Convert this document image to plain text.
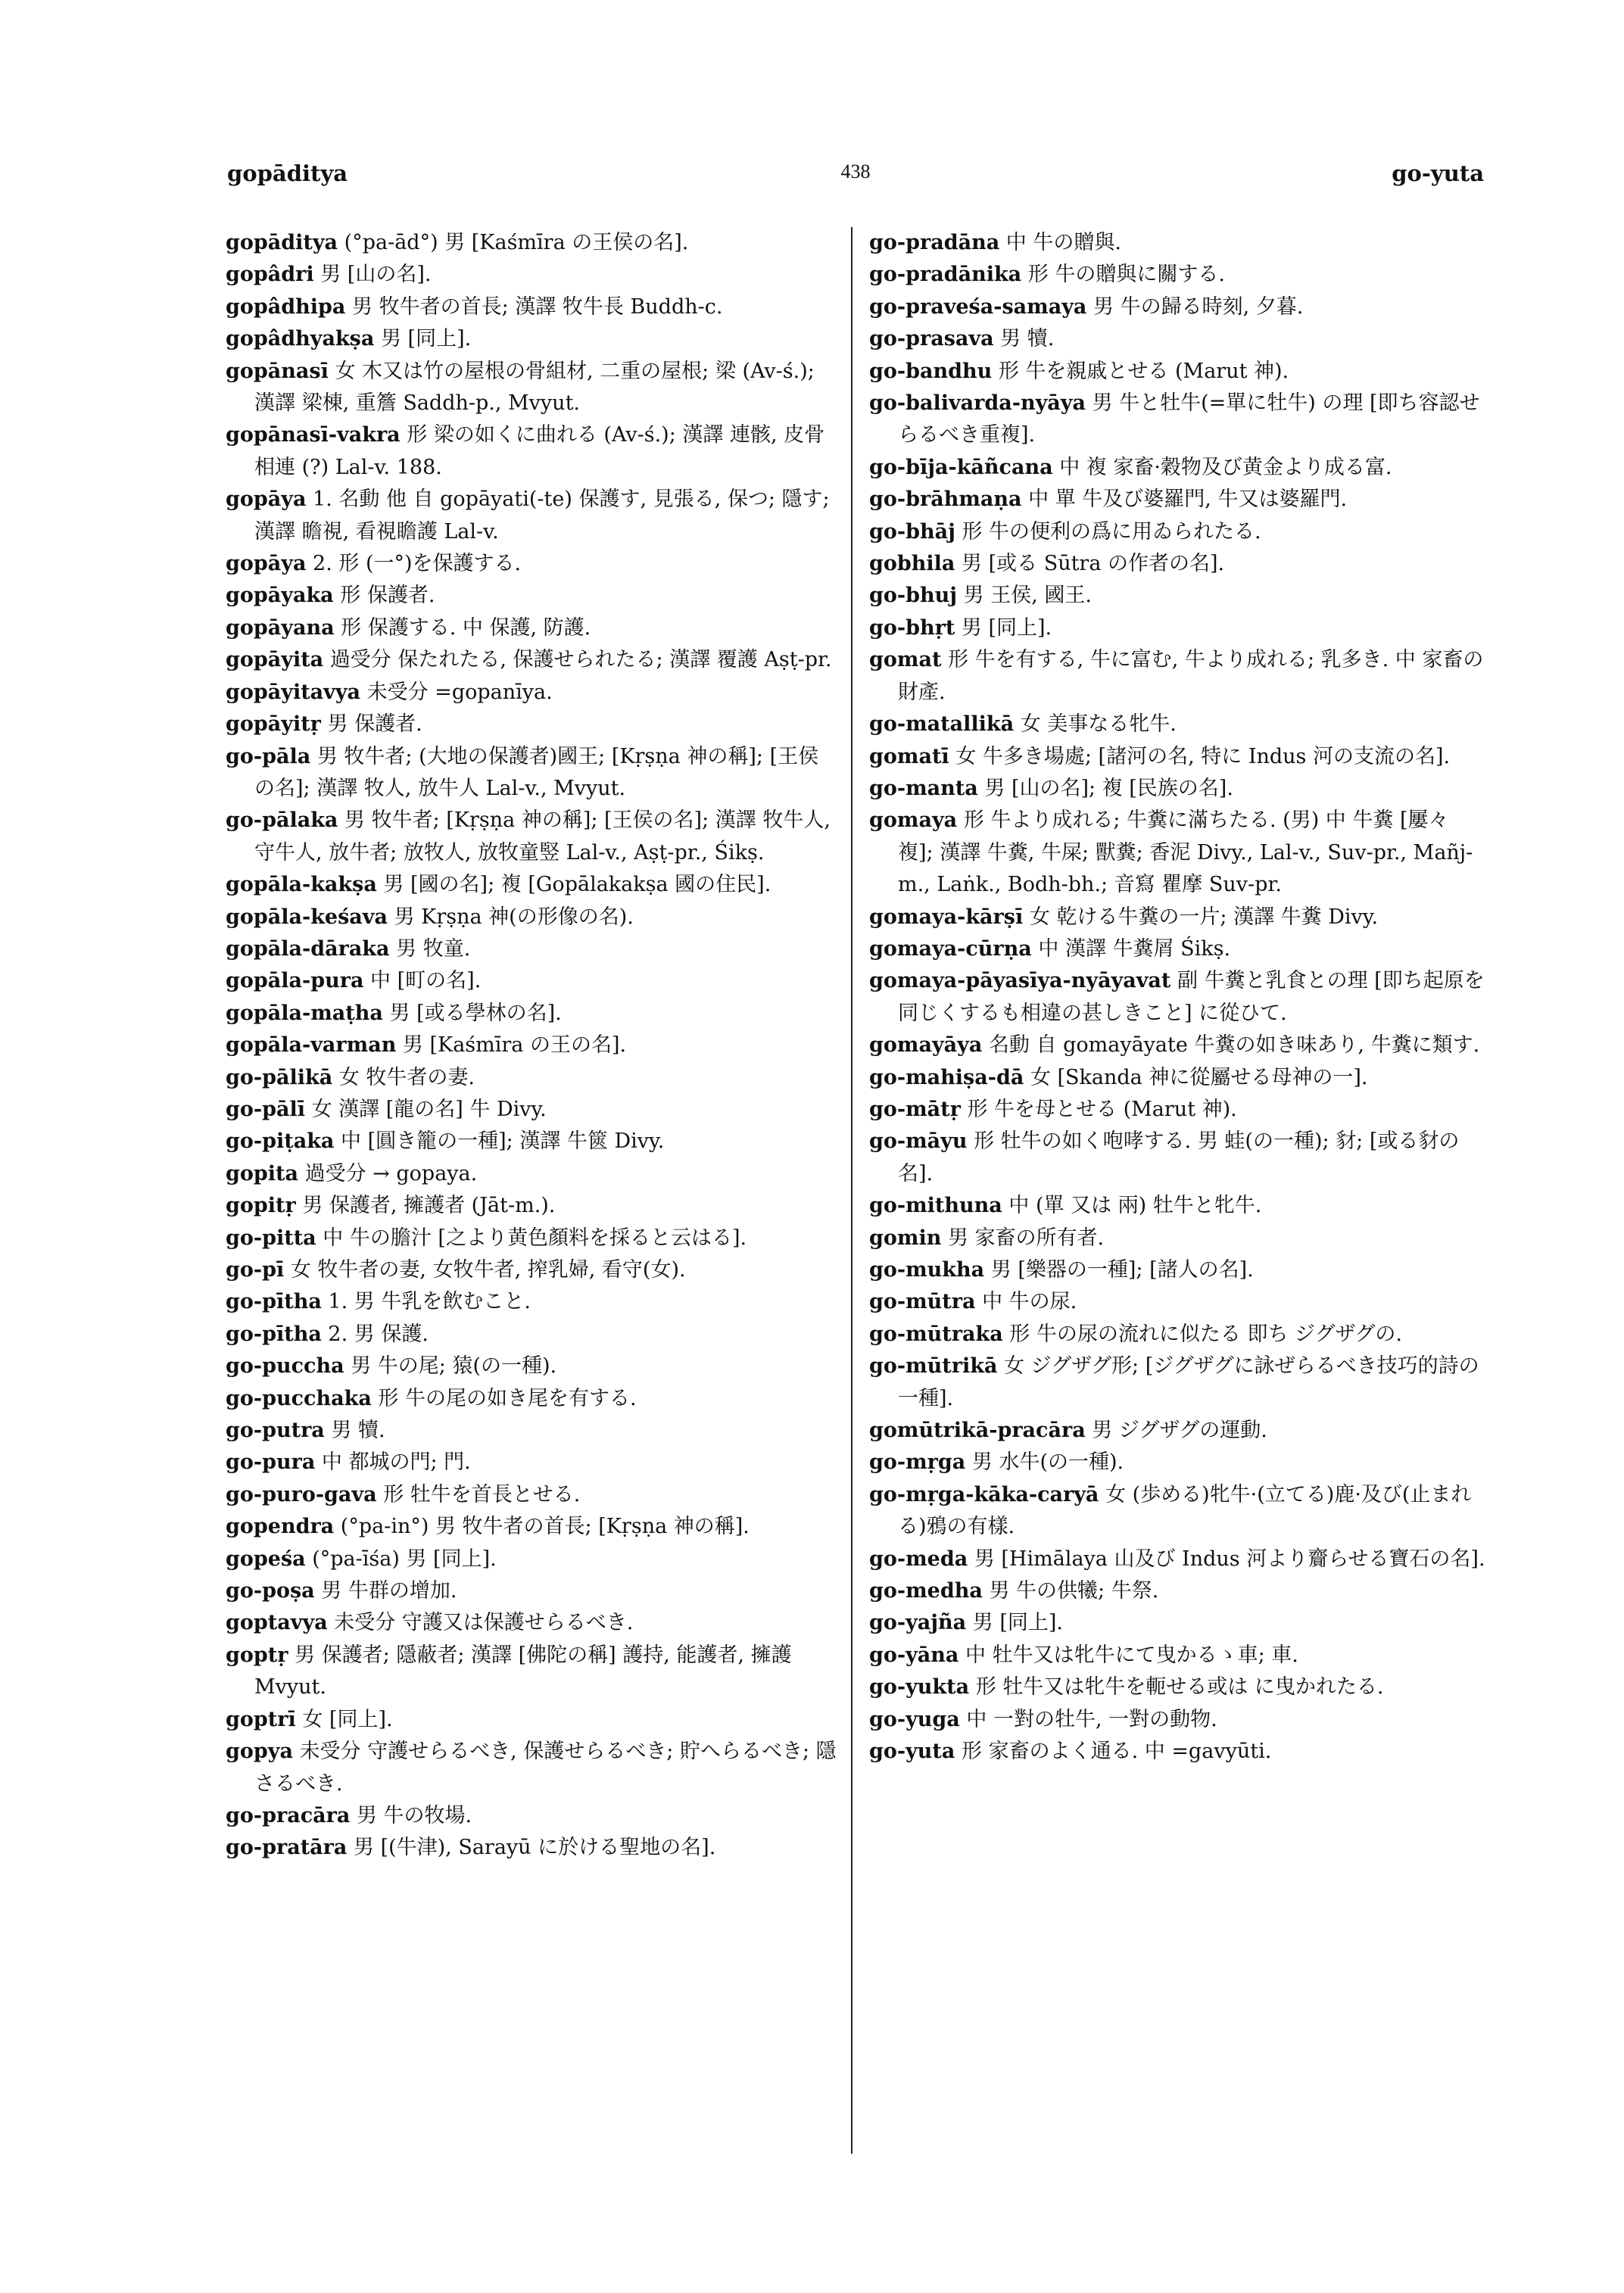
gopāditya	438	go-yuta
gopāditya (°pa-ād°) 男 [Kaśmīra の王侯の名].
gopâdri 男 [山の名].
gopâdhipa 男 牧牛者の首長; 漢譯 牧牛長 Buddh-c.
gopâdhyakṣa 男 [同上].
gopānasī 女 木又は竹の屋根の骨組材, 二重の屋根; 梁 (Av-ś.); 漢譯 梁棟, 重簷 Saddh-p., Mvyut.
gopānasī-vakra 形 梁の如くに曲れる (Av-ś.); 漢譯 連骸, 皮骨相連 (?) Lal-v. 188.
gopāya 1. 名動 他 自 gopāyati(-te) 保護す, 見張る, 保つ; 隱す; 漢譯 瞻視, 看視瞻護 Lal-v.
gopāya 2. 形 (一°)を保護する.
gopāyaka 形 保護者.
gopāyana 形 保護する. 中 保護, 防護.
gopāyita 過受分 保たれたる, 保護せられたる; 漢譯 覆護 Aṣṭ-pr.
gopāyitavya 未受分 =gopanīya.
gopāyitṛ 男 保護者.
go-pāla 男 牧牛者; (大地の保護者)國王; [Kṛṣṇa 神の稱]; [王侯の名]; 漢譯 牧人, 放牛人 Lal-v., Mvyut.
go-pālaka 男 牧牛者; [Kṛṣṇa 神の稱]; [王侯の名]; 漢譯 牧牛人, 守牛人, 放牛者; 放牧人, 放牧童竪 Lal-v., Aṣṭ-pr., Śikṣ.
gopāla-kakṣa 男 [國の名]; 複 [Gopālakakṣa 國の住民].
gopāla-keśava 男 Kṛṣṇa 神(の形像の名).
gopāla-dāraka 男 牧童.
gopāla-pura 中 [町の名].
gopāla-maṭha 男 [或る學林の名].
gopāla-varman 男 [Kaśmīra の王の名].
go-pālikā 女 牧牛者の妻.
go-pālī 女 漢譯 [龍の名] 牛 Divy.
go-piṭaka 中 [圓き籠の一種]; 漢譯 牛篋 Divy.
gopita 過受分 → gopaya.
gopitṛ 男 保護者, 擁護者 (Jāt-m.).
go-pitta 中 牛の膽汁 [之より黄色顏料を採ると云はる].
go-pī 女 牧牛者の妻, 女牧牛者, 搾乳婦, 看守(女).
go-pītha 1. 男 牛乳を飲むこと.
go-pītha 2. 男 保護.
go-puccha 男 牛の尾; 猿(の一種).
go-pucchaka 形 牛の尾の如き尾を有する.
go-putra 男 犢.
go-pura 中 都城の門; 門.
go-puro-gava 形 牡牛を首長とせる.
gopendra (°pa-in°) 男 牧牛者の首長; [Kṛṣṇa 神の稱].
gopeśa (°pa-īśa) 男 [同上].
go-poṣa 男 牛群の增加.
goptavya 未受分 守護又は保護せらるべき.
goptṛ 男 保護者; 隱蔽者; 漢譯 [佛陀の稱] 護持, 能護者, 擁護 Mvyut.
goptrī 女 [同上].
gopya 未受分 守護せらるべき, 保護せらるべき; 貯へらるべき; 隱さるべき.
go-pracāra 男 牛の牧場.
go-pratāra 男 [(牛津), Sarayū に於ける聖地の名].
go-pradāna 中 牛の贈與.
go-pradānika 形 牛の贈與に關する.
go-praveśa-samaya 男 牛の歸る時刻, 夕暮.
go-prasava 男 犢.
go-bandhu 形 牛を親戚とせる (Marut 神).
go-balivarda-nyāya 男 牛と牡牛(=單に牡牛) の理 [即ち容認せらるべき重複].
go-bīja-kāñcana 中 複 家畜·穀物及び黄金より成る富.
go-brāhmaṇa 中 單 牛及び婆羅門, 牛又は婆羅門.
go-bhāj 形 牛の便利の爲に用ゐられたる.
gobhila 男 [或る Sūtra の作者の名].
go-bhuj 男 王侯, 國王.
go-bhṛt 男 [同上].
gomat 形 牛を有する, 牛に富む, 牛より成れる; 乳多き. 中 家畜の財產.
go-matallikā 女 美事なる牝牛.
gomatī 女 牛多き場處; [諸河の名, 特に Indus 河の支流の名].
go-manta 男 [山の名]; 複 [民族の名].
gomaya 形 牛より成れる; 牛糞に滿ちたる. (男) 中 牛糞 [屢々 複]; 漢譯 牛糞, 牛屎; 獸糞; 香泥 Divy., Lal-v., Suv-pr., Mañj-m., Laṅk., Bodh-bh.; 音寫 瞿摩 Suv-pr.
gomaya-kārṣī 女 乾ける牛糞の一片; 漢譯 牛糞 Divy.
gomaya-cūrṇa 中 漢譯 牛糞屑 Śikṣ.
gomaya-pāyasīya-nyāyavat 副 牛糞と乳食との理 [即ち起原を同じくするも相違の甚しきこと] に從ひて.
gomayāya 名動 自 gomayāyate 牛糞の如き味あり, 牛糞に類す.
go-mahiṣa-dā 女 [Skanda 神に從屬せる母神の一].
go-mātṛ 形 牛を母とせる (Marut 神).
go-māyu 形 牡牛の如く咆哮する. 男 蛙(の一種); 豺; [或る豺の名].
go-mithuna 中 (單 又は 兩) 牡牛と牝牛.
gomin 男 家畜の所有者.
go-mukha 男 [樂器の一種]; [諸人の名].
go-mūtra 中 牛の尿.
go-mūtraka 形 牛の尿の流れに似たる 即ち ジグザグの.
go-mūtrikā 女 ジグザグ形; [ジグザグに詠ぜらるべき技巧的詩の一種].
gomūtrikā-pracāra 男 ジグザグの運動.
go-mṛga 男 水牛(の一種).
go-mṛga-kāka-caryā 女 (歩める)牝牛·(立てる)鹿·及び(止まれる)鴉の有樣.
go-meda 男 [Himālaya 山及び Indus 河より齎らせる寶石の名].
go-medha 男 牛の供犧; 牛祭.
go-yajña 男 [同上].
go-yāna 中 牡牛又は牝牛にて曳かるゝ車; 車.
go-yukta 形 牡牛又は牝牛を軛せる或は に曳かれたる.
go-yuga 中 一對の牡牛, 一對の動物.
go-yuta 形 家畜のよく通る. 中 =gavyūti.
